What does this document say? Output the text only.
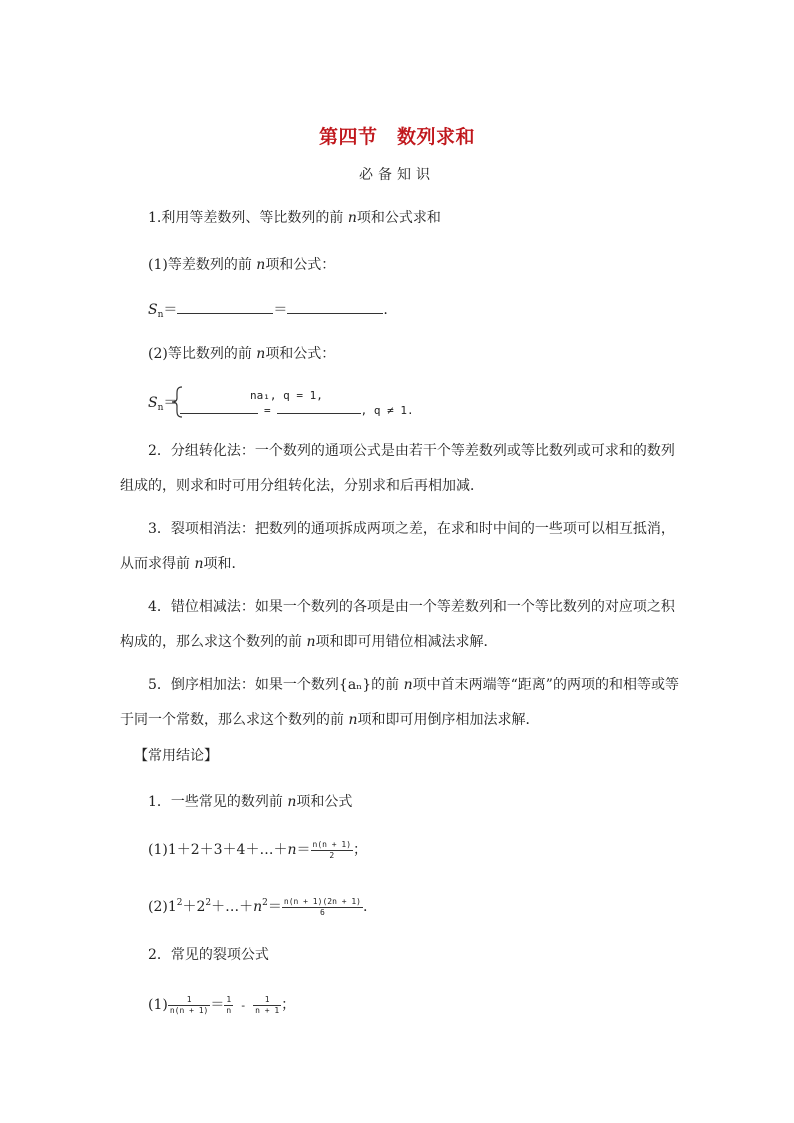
第四节　数列求和
必备知识
1.利用等差数列、等比数列的前 n项和公式求和
(1)等差数列的前 n项和公式：
$S_n=$	＝	.
(2)等比数列的前 n项和公式：
$S_n=$	na₁, q = 1,
=	, q ≠ 1.
2．分组转化法：一个数列的通项公式是由若干个等差数列或等比数列或可求和的数列组成的，则求和时可用分组转化法，分别求和后再相加减．
3．裂项相消法：把数列的通项拆成两项之差，在求和时中间的一些项可以相互抵消，从而求得前 n项和．
4．错位相减法：如果一个数列的各项是由一个等差数列和一个等比数列的对应项之积构成的，那么求这个数列的前 n项和即可用错位相减法求解．
5．倒序相加法：如果一个数列{aₙ}的前 n项中首末两端等“距离”的两项的和相等或等于同一个常数，那么求这个数列的前 n项和即可用倒序相加法求解．
【常用结论】
1．一些常见的数列前 n项和公式
(1)1＋2＋3＋4＋…＋n＝ $\frac{n(n + 1)}{2}$ ；
$(2)1^2+2^2+\dots+n^2= \frac{n(n + 1)(2n + 1)}{6}$ .
2．常见的裂项公式
$(1) \frac{1}{n(n + 1)} = \frac{1}{n} - \frac{1}{n + 1}$ ；
